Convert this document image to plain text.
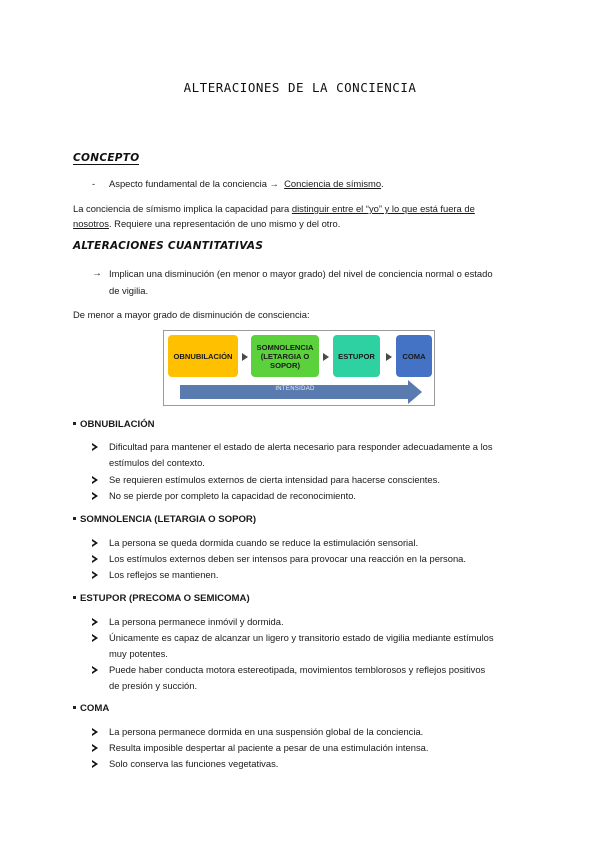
ALTERACIONES DE LA CONCIENCIA
CONCEPTO
- Aspecto fundamental de la conciencia → Conciencia de símismo.
La conciencia de símismo implica la capacidad para distinguir entre el “yo” y lo que está fuera de
nosotros. Requiere una representación de uno mismo y del otro.
ALTERACIONES CUANTITATIVAS
→ Implican una disminución (en menor o mayor grado) del nivel de conciencia normal o estado
de vigilia.
De menor a mayor grado de disminución de consciencia:
OBNUBILACIÓN
SOMNOLENCIA (LETARGIA O SOPOR)
ESTUPOR	COMA
INTENSIDAD
OBNUBILACIÓN
Dificultad para mantener el estado de alerta necesario para responder adecuadamente a los
estímulos del contexto.
Se requieren estímulos externos de cierta intensidad para hacerse conscientes.
No se pierde por completo la capacidad de reconocimiento.
SOMNOLENCIA (LETARGIA O SOPOR)
La persona se queda dormida cuando se reduce la estimulación sensorial.
Los estímulos externos deben ser intensos para provocar una reacción en la persona.
Los reflejos se mantienen.
ESTUPOR (PRECOMA O SEMICOMA)
La persona permanece inmóvil y dormida.
Únicamente es capaz de alcanzar un ligero y transitorio estado de vigilia mediante estímulos
muy potentes.
Puede haber conducta motora estereotipada, movimientos temblorosos y reflejos positivos
de presión y succión.
COMA
La persona permanece dormida en una suspensión global de la conciencia.
Resulta imposible despertar al paciente a pesar de una estimulación intensa.
Solo conserva las funciones vegetativas.
